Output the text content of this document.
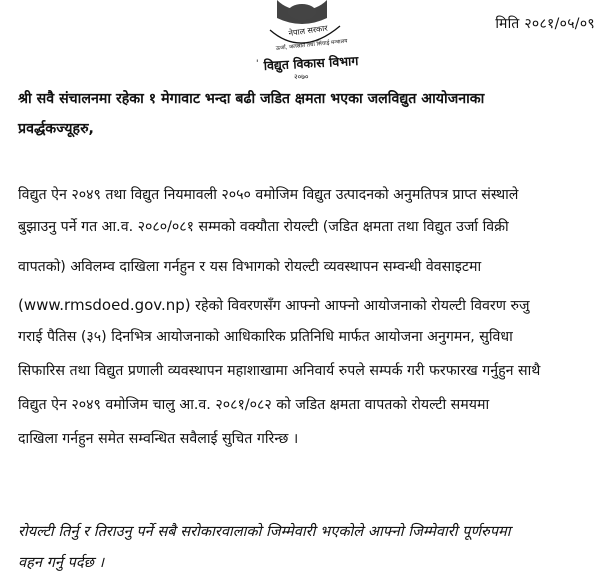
नेपाल सरकार
ऊर्जा, जलस्रोत तथा सिंचाई मन्त्रालय
' विद्युत विकास विभाग
२०७०
मिति २०८१/०५/०९
श्री सवै संचालनमा रहेका १ मेगावाट भन्दा बढी जडित क्षमता भएका जलविद्युत आयोजनाका
प्रवर्द्धकज्यूहरु,
विद्युत ऐन २०४९ तथा विद्युत नियमावली २०५० वमोजिम विद्युत उत्पादनको अनुमतिपत्र प्राप्त संस्थाले
बुझाउनु पर्ने गत आ.व. २०८०/०८१ सम्मको वक्यौता रोयल्टी (जडित क्षमता तथा विद्युत उर्जा विक्री
वापतको) अविलम्व दाखिला गर्नहुन र यस विभागको रोयल्टी व्यवस्थापन सम्वन्धी वेवसाइटमा
(www.rmsdoed.gov.np) रहेको विवरणसँग आफ्नो आफ्नो आयोजनाको रोयल्टी विवरण रुजु
गराई पैतिस (३५) दिनभित्र आयोजनाको आधिकारिक प्रतिनिधि मार्फत आयोजना अनुगमन, सुविधा
सिफारिस तथा विद्युत प्रणाली व्यवस्थापन महाशाखामा अनिवार्य रुपले सम्पर्क गरी फरफारख गर्नुहुन साथै
विद्युत ऐन २०४९ वमोजिम चालु आ.व. २०८१/०८२ को जडित क्षमता वापतको रोयल्टी समयमा
दाखिला गर्नहुन समेत सम्वन्धित सवैलाई सुचित गरिन्छ ।
रोयल्टी तिर्नु र तिराउनु पर्ने सबै सरोकारवालाको जिम्मेवारी भएकोले आफ्नो जिम्मेवारी पूर्णरुपमा
वहन गर्नु पर्दछ ।
